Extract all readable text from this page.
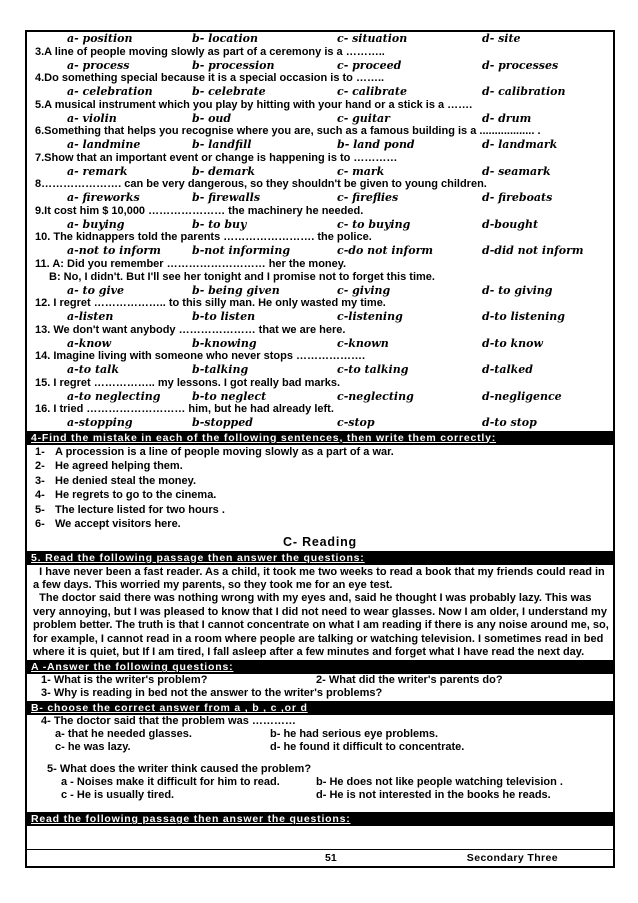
a- position	b- location	c- situation	d- site
3.A line of people moving slowly as part of a ceremony is a ………..
a- process	b- procession	c- proceed	d- processes
4.Do something special because it is a special occasion is to ……..
a- celebration	b- celebrate	c- calibrate	d- calibration
5.A musical instrument which you play by hitting with your hand or a stick is a …….
a- violin	b- oud	c- guitar	d- drum
6.Something that helps you recognise where you are, such as a famous building is a .................. .
a- landmine	b- landfill	b- land pond	d- landmark
7.Show that an important event or change is happening is to …………
a- remark	b- demark	c- mark	d- seamark
8…………………. can be very dangerous, so they shouldn't be given to young children.
a- fireworks	b- firewalls	c- fireflies	d- fireboats
9.It cost him $ 10,000 ………………… the machinery he needed.
a- buying	b- to buy	c- to buying	d-bought
10. The kidnappers told the parents ……………………. the police.
a-not to inform	b-not informing	c-do not inform	d-did not inform
11. A: Did you remember ……………………… her the money.
B: No, I didn't. But I'll see her tonight and I promise not to forget this time.
a- to give	b- being given	c- giving	d- to giving
12. I regret ……………….. to this silly man. He only wasted my time.
a-listen	b-to listen	c-listening	d-to listening
13. We don't want anybody ………………… that we are here.
a-know	b-knowing	c-known	d-to know
14. Imagine living with someone who never stops ……………….
a-to talk	b-talking	c-to talking	d-talked
15. I regret …………….. my lessons. I got really bad marks.
a-to neglecting	b-to neglect	c-neglecting	d-negligence
16. I tried ……………………… him, but he had already left.
a-stopping	b-stopped	c-stop	d-to stop
4-Find the mistake in each of the following sentences, then write them correctly:
1- A procession is a line of people moving slowly as a part of a war.
2- He agreed helping them.
3- He denied steal the money.
4- He regrets to go to the cinema.
5- The lecture listed for two hours .
6- We accept visitors here.
C- Reading
5. Read the following passage then answer the questions:

I have never been a fast reader. As a child, it took me two weeks to read a book that my friends could read in a few days. This worried my parents, so they took me for an eye test.

The doctor said there was nothing wrong with my eyes and, said he thought I was probably lazy. This was very annoying, but I was pleased to know that I did not need to wear glasses. Now I am older, I understand my problem better. The truth is that I cannot concentrate on what I am reading if there is any noise around me, so, for example, I cannot read in a room where people are talking or watching television. I sometimes read in bed where it is quiet, but If I am tired, I fall asleep after a few minutes and forget what I have read the next day.

A -Answer the following questions:
1- What is the writer's problem?	2- What did the writer's parents do?
3- Why is reading in bed not the answer to the writer's problems?
B- choose the correct answer from a , b , c ,or d
4- The doctor said that the problem was …………
a- that he needed glasses.	b- he had serious eye problems.
c- he was lazy.	d- he found it difficult to concentrate.
5- What does the writer think caused the problem?
a - Noises make it difficult for him to read.	b- He does not like people watching television .
c - He is usually tired.	d- He is not interested in the books he reads.
Read the following passage then answer the questions:
51	Secondary Three
